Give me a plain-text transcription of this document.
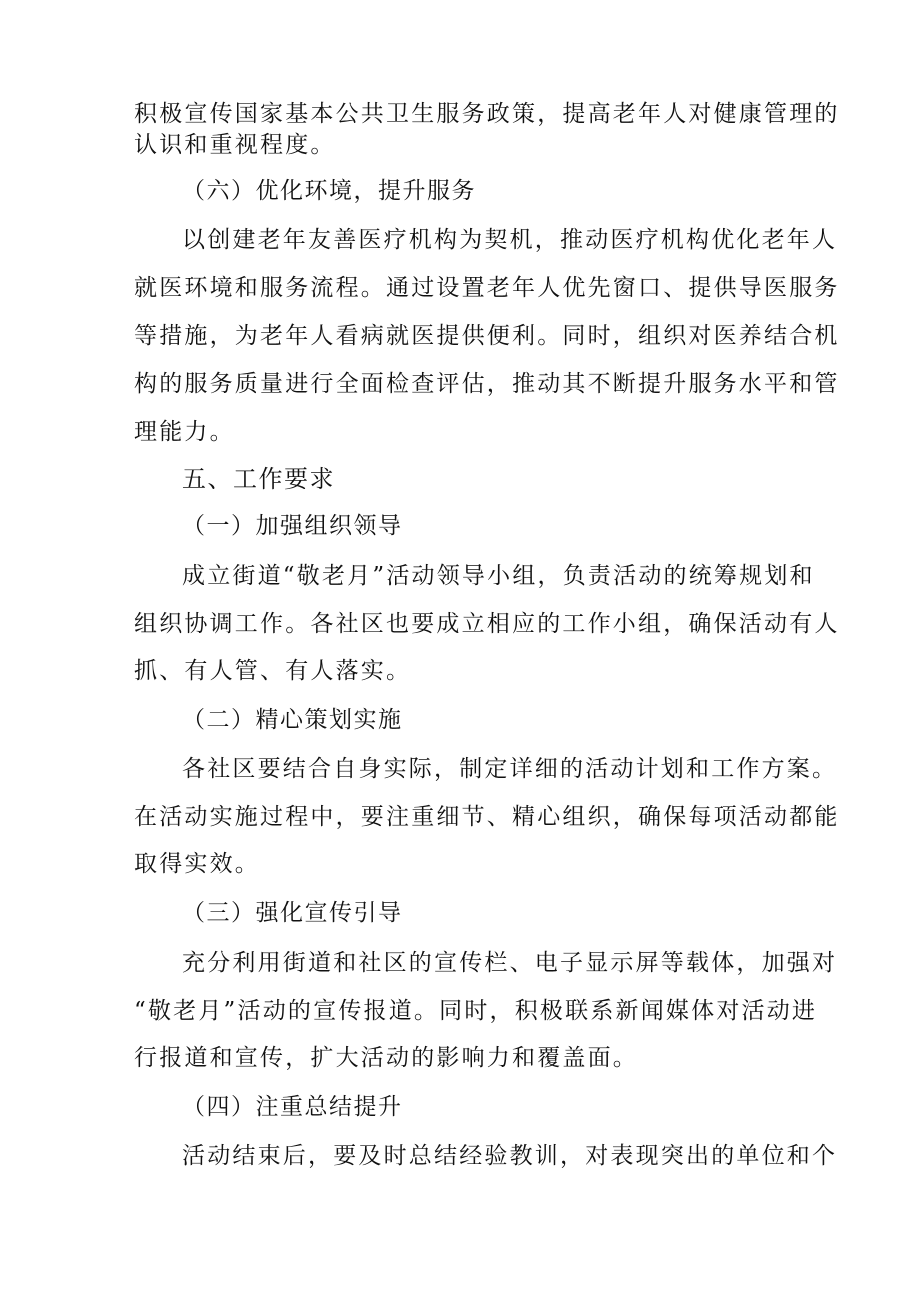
积极宣传国家基本公共卫生服务政策，提高老年人对健康管理的
认识和重视程度。
（六）优化环境，提升服务
以创建老年友善医疗机构为契机，推动医疗机构优化老年人
就医环境和服务流程。通过设置老年人优先窗口、提供导医服务
等措施，为老年人看病就医提供便利。同时，组织对医养结合机
构的服务质量进行全面检查评估，推动其不断提升服务水平和管
理能力。
五、工作要求
（一）加强组织领导
成立街道“敬老月”活动领导小组，负责活动的统筹规划和
组织协调工作。各社区也要成立相应的工作小组，确保活动有人
抓、有人管、有人落实。
（二）精心策划实施
各社区要结合自身实际，制定详细的活动计划和工作方案。
在活动实施过程中，要注重细节、精心组织，确保每项活动都能
取得实效。
（三）强化宣传引导
充分利用街道和社区的宣传栏、电子显示屏等载体，加强对
“敬老月”活动的宣传报道。同时，积极联系新闻媒体对活动进
行报道和宣传，扩大活动的影响力和覆盖面。
（四）注重总结提升
活动结束后，要及时总结经验教训，对表现突出的单位和个
